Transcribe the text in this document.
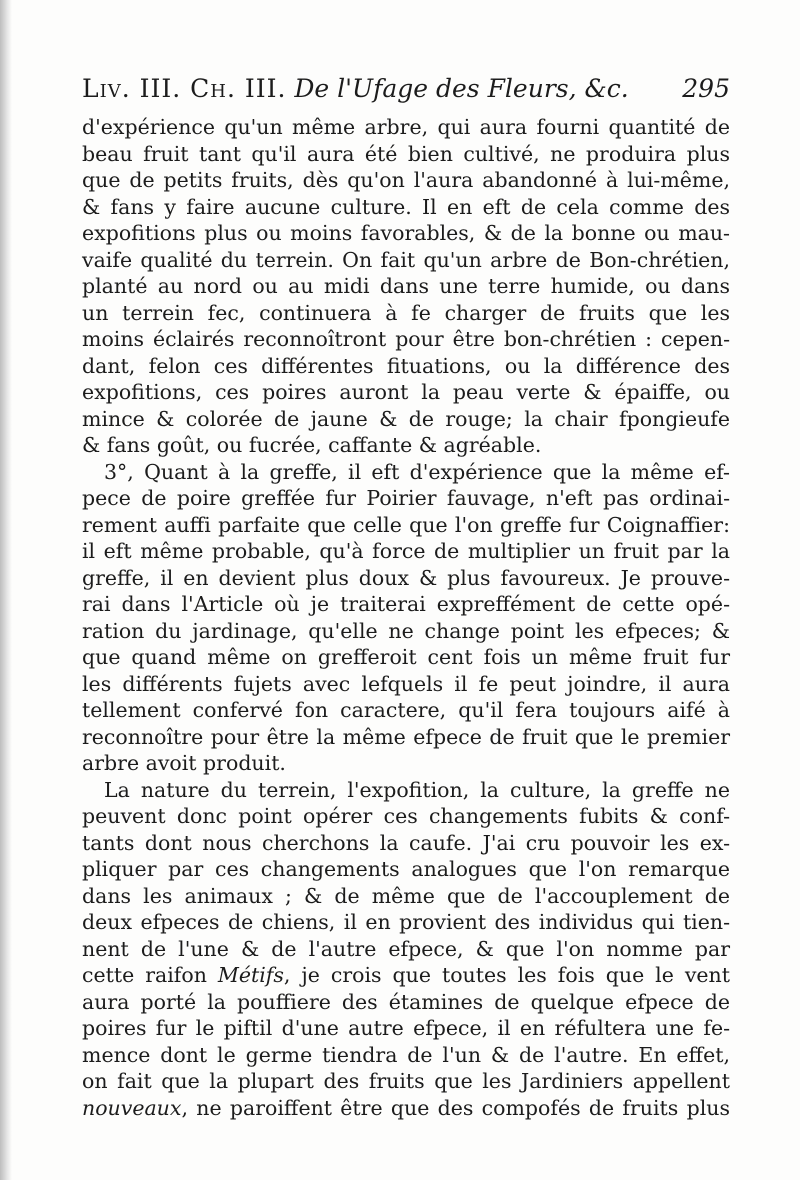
Liv. III. Ch. III. De l'Ufage des Fleurs, &c. 295
d'expérience qu'un même arbre, qui aura fourni quantité de
beau fruit tant qu'il aura été bien cultivé, ne produira plus
que de petits fruits, dès qu'on l'aura abandonné à lui-même,
& fans y faire aucune culture. Il en eft de cela comme des
expofitions plus ou moins favorables, & de la bonne ou mau-
vaife qualité du terrein. On fait qu'un arbre de Bon-chrétien,
planté au nord ou au midi dans une terre humide, ou dans
un terrein fec, continuera à fe charger de fruits que les
moins éclairés reconnoîtront pour être bon-chrétien : cepen-
dant, felon ces différentes fituations, ou la différence des
expofitions, ces poires auront la peau verte & épaiffe, ou
mince & colorée de jaune & de rouge; la chair fpongieufe
& fans goût, ou fucrée, caffante & agréable.
3°, Quant à la greffe, il eft d'expérience que la même ef-
pece de poire greffée fur Poirier fauvage, n'eft pas ordinai-
rement auffi parfaite que celle que l'on greffe fur Coignaffier:
il eft même probable, qu'à force de multiplier un fruit par la
greffe, il en devient plus doux & plus favoureux. Je prouve-
rai dans l'Article où je traiterai expreffément de cette opé-
ration du jardinage, qu'elle ne change point les efpeces; &
que quand même on grefferoit cent fois un même fruit fur
les différents fujets avec lefquels il fe peut joindre, il aura
tellement confervé fon caractere, qu'il fera toujours aifé à
reconnoître pour être la même efpece de fruit que le premier
arbre avoit produit.
La nature du terrein, l'expofition, la culture, la greffe ne
peuvent donc point opérer ces changements fubits & conf-
tants dont nous cherchons la caufe. J'ai cru pouvoir les ex-
pliquer par ces changements analogues que l'on remarque
dans les animaux ; & de même que de l'accouplement de
deux efpeces de chiens, il en provient des individus qui tien-
nent de l'une & de l'autre efpece, & que l'on nomme par
cette raifon Métifs, je crois que toutes les fois que le vent
aura porté la pouffiere des étamines de quelque efpece de
poires fur le piftil d'une autre efpece, il en réfultera une fe-
mence dont le germe tiendra de l'un & de l'autre. En effet,
on fait que la plupart des fruits que les Jardiniers appellent
nouveaux, ne paroiffent être que des compofés de fruits plus
